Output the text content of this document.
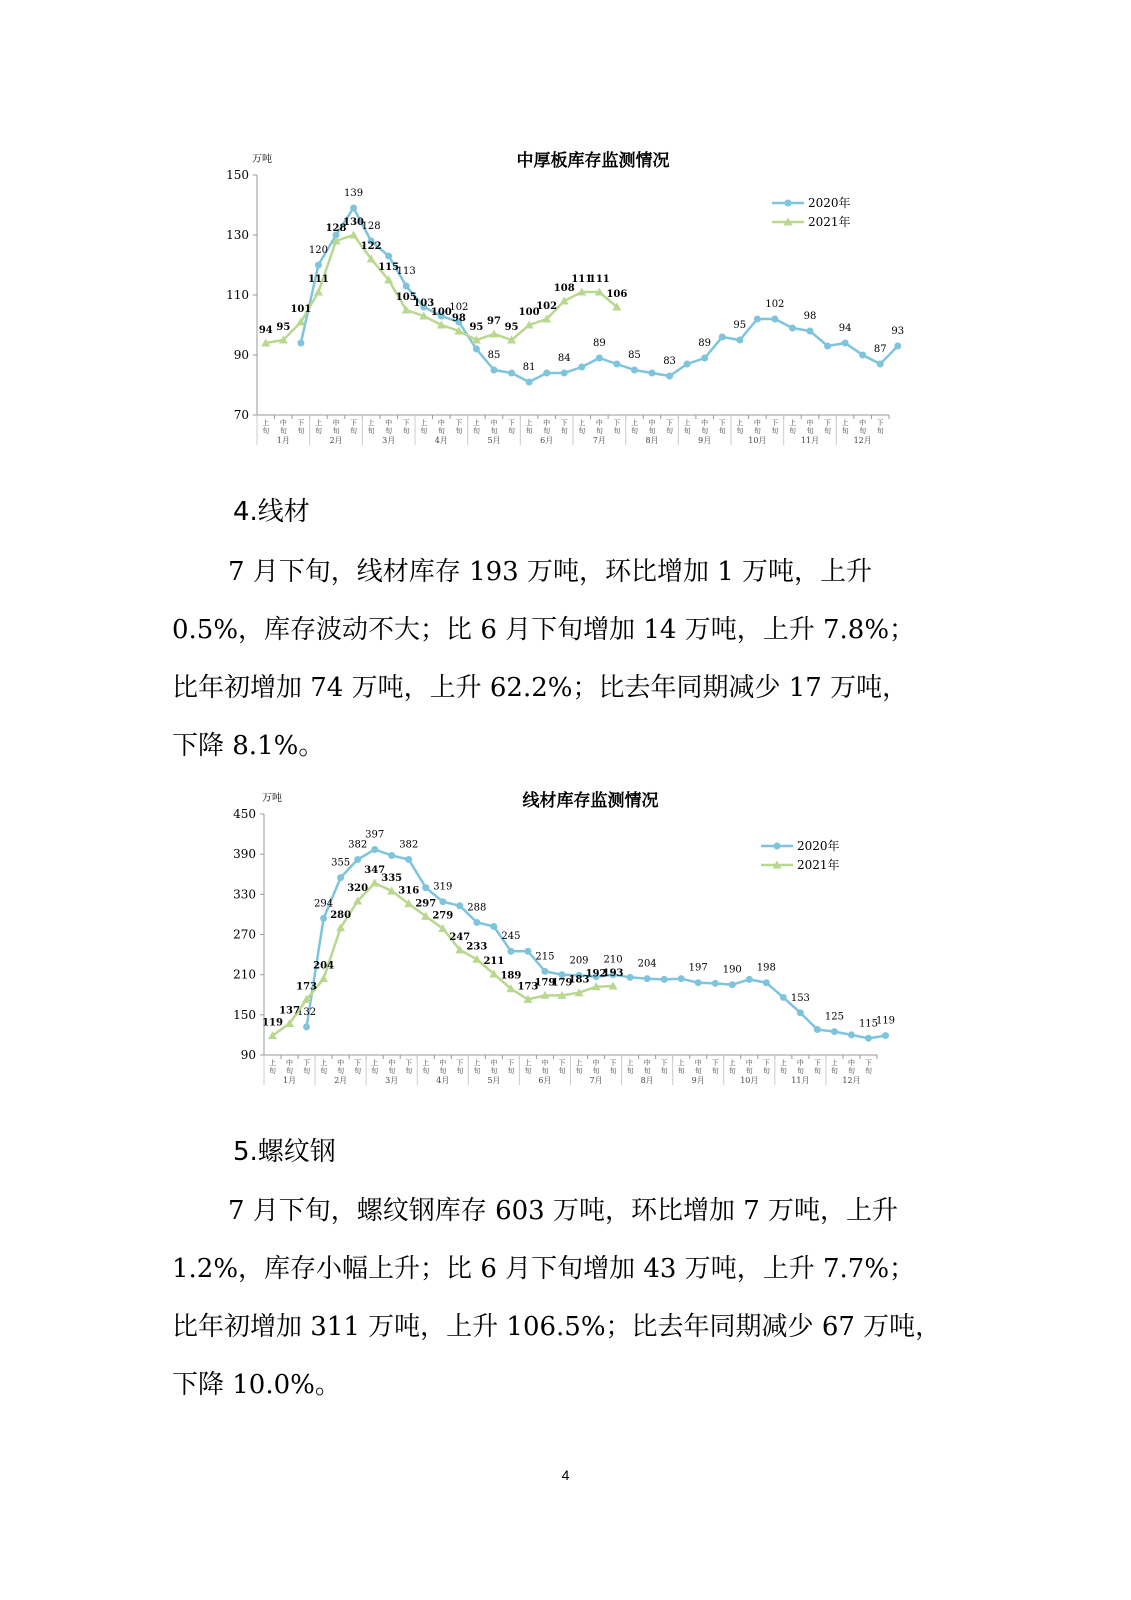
中厚板库存监测情况
万吨
70
90
110
130
150
上
旬
中
旬
下
旬
上
旬
中
旬
下
旬
上
旬
中
旬
下
旬
上
旬
中
旬
下
旬
上
旬
中
旬
下
旬
上
旬
中
旬
下
旬
上
旬
中
旬
下
旬
上
旬
中
旬
下
旬
上
旬
中
旬
下
旬
上
旬
中
旬
下
旬
上
旬
中
旬
下
旬
上
旬
中
旬
下
旬
1月	2月	3月	4月	5月	6月	7月	8月	9月	10月	11月	12月
120
139
128
113
102
85
81
84
89
85
83
89
95
102
98
94
87
93
94 95
101
111
128
130
122
115
105
103
100
98
95
97
95
100
102
108
111
111
106
2020年
2021年
4.线材
7 月下旬，线材库存 193 万吨，环比增加 1 万吨，上升
0.5%，库存波动不大；比 6 月下旬增加 14 万吨，上升 7.8%；
比年初增加 74 万吨，上升 62.2%；比去年同期减少 17 万吨，
下降 8.1%。
线材库存监测情况
万吨
90
150
210
270
330
390
450
上
旬
中
旬
下
旬
上
旬
中
旬
下
旬
上
旬
中
旬
下
旬
上
旬
中
旬
下
旬
上
旬
中
旬
下
旬
上
旬
中
旬
下
旬
上
旬
中
旬
下
旬
上
旬
中
旬
下
旬
上
旬
中
旬
下
旬
上
旬
中
旬
下
旬
上
旬
中
旬
下
旬
上
旬
中
旬
下
旬
1月	2月	3月	4月	5月	6月	7月	8月	9月	10月	11月	12月
132
294
355
382
397
382
319
288
245
215 209 210 204	197 190 198
153
125
115
119
119
137
173
204
280
320
347
335
316
297
279
247
233
211
189
173
179
179
183
192
193
2020年
2021年
5.螺纹钢
7 月下旬，螺纹钢库存 603 万吨，环比增加 7 万吨，上升
1.2%，库存小幅上升；比 6 月下旬增加 43 万吨，上升 7.7%；
比年初增加 311 万吨，上升 106.5%；比去年同期减少 67 万吨，
下降 10.0%。
4
